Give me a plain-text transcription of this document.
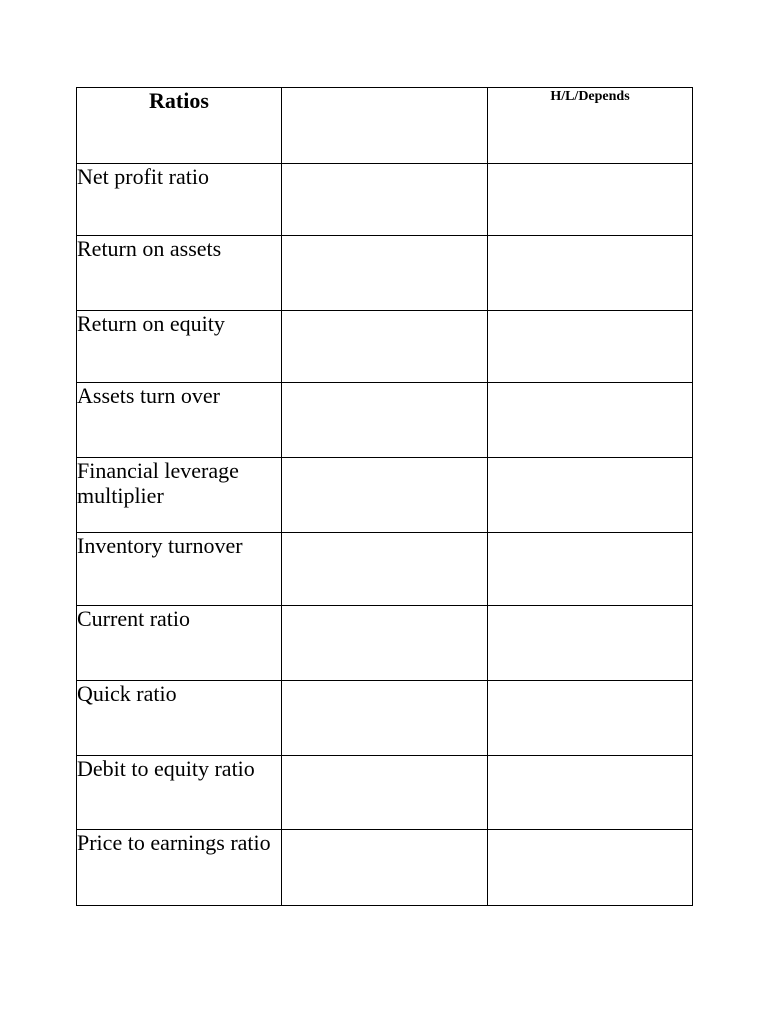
Ratios		H/L/Depends
Net profit ratio		
Return on assets		
Return on equity		
Assets turn over		
Financial leverage multiplier		
Inventory turnover		
Current ratio		
Quick ratio		
Debit to equity ratio		
Price to earnings ratio		
